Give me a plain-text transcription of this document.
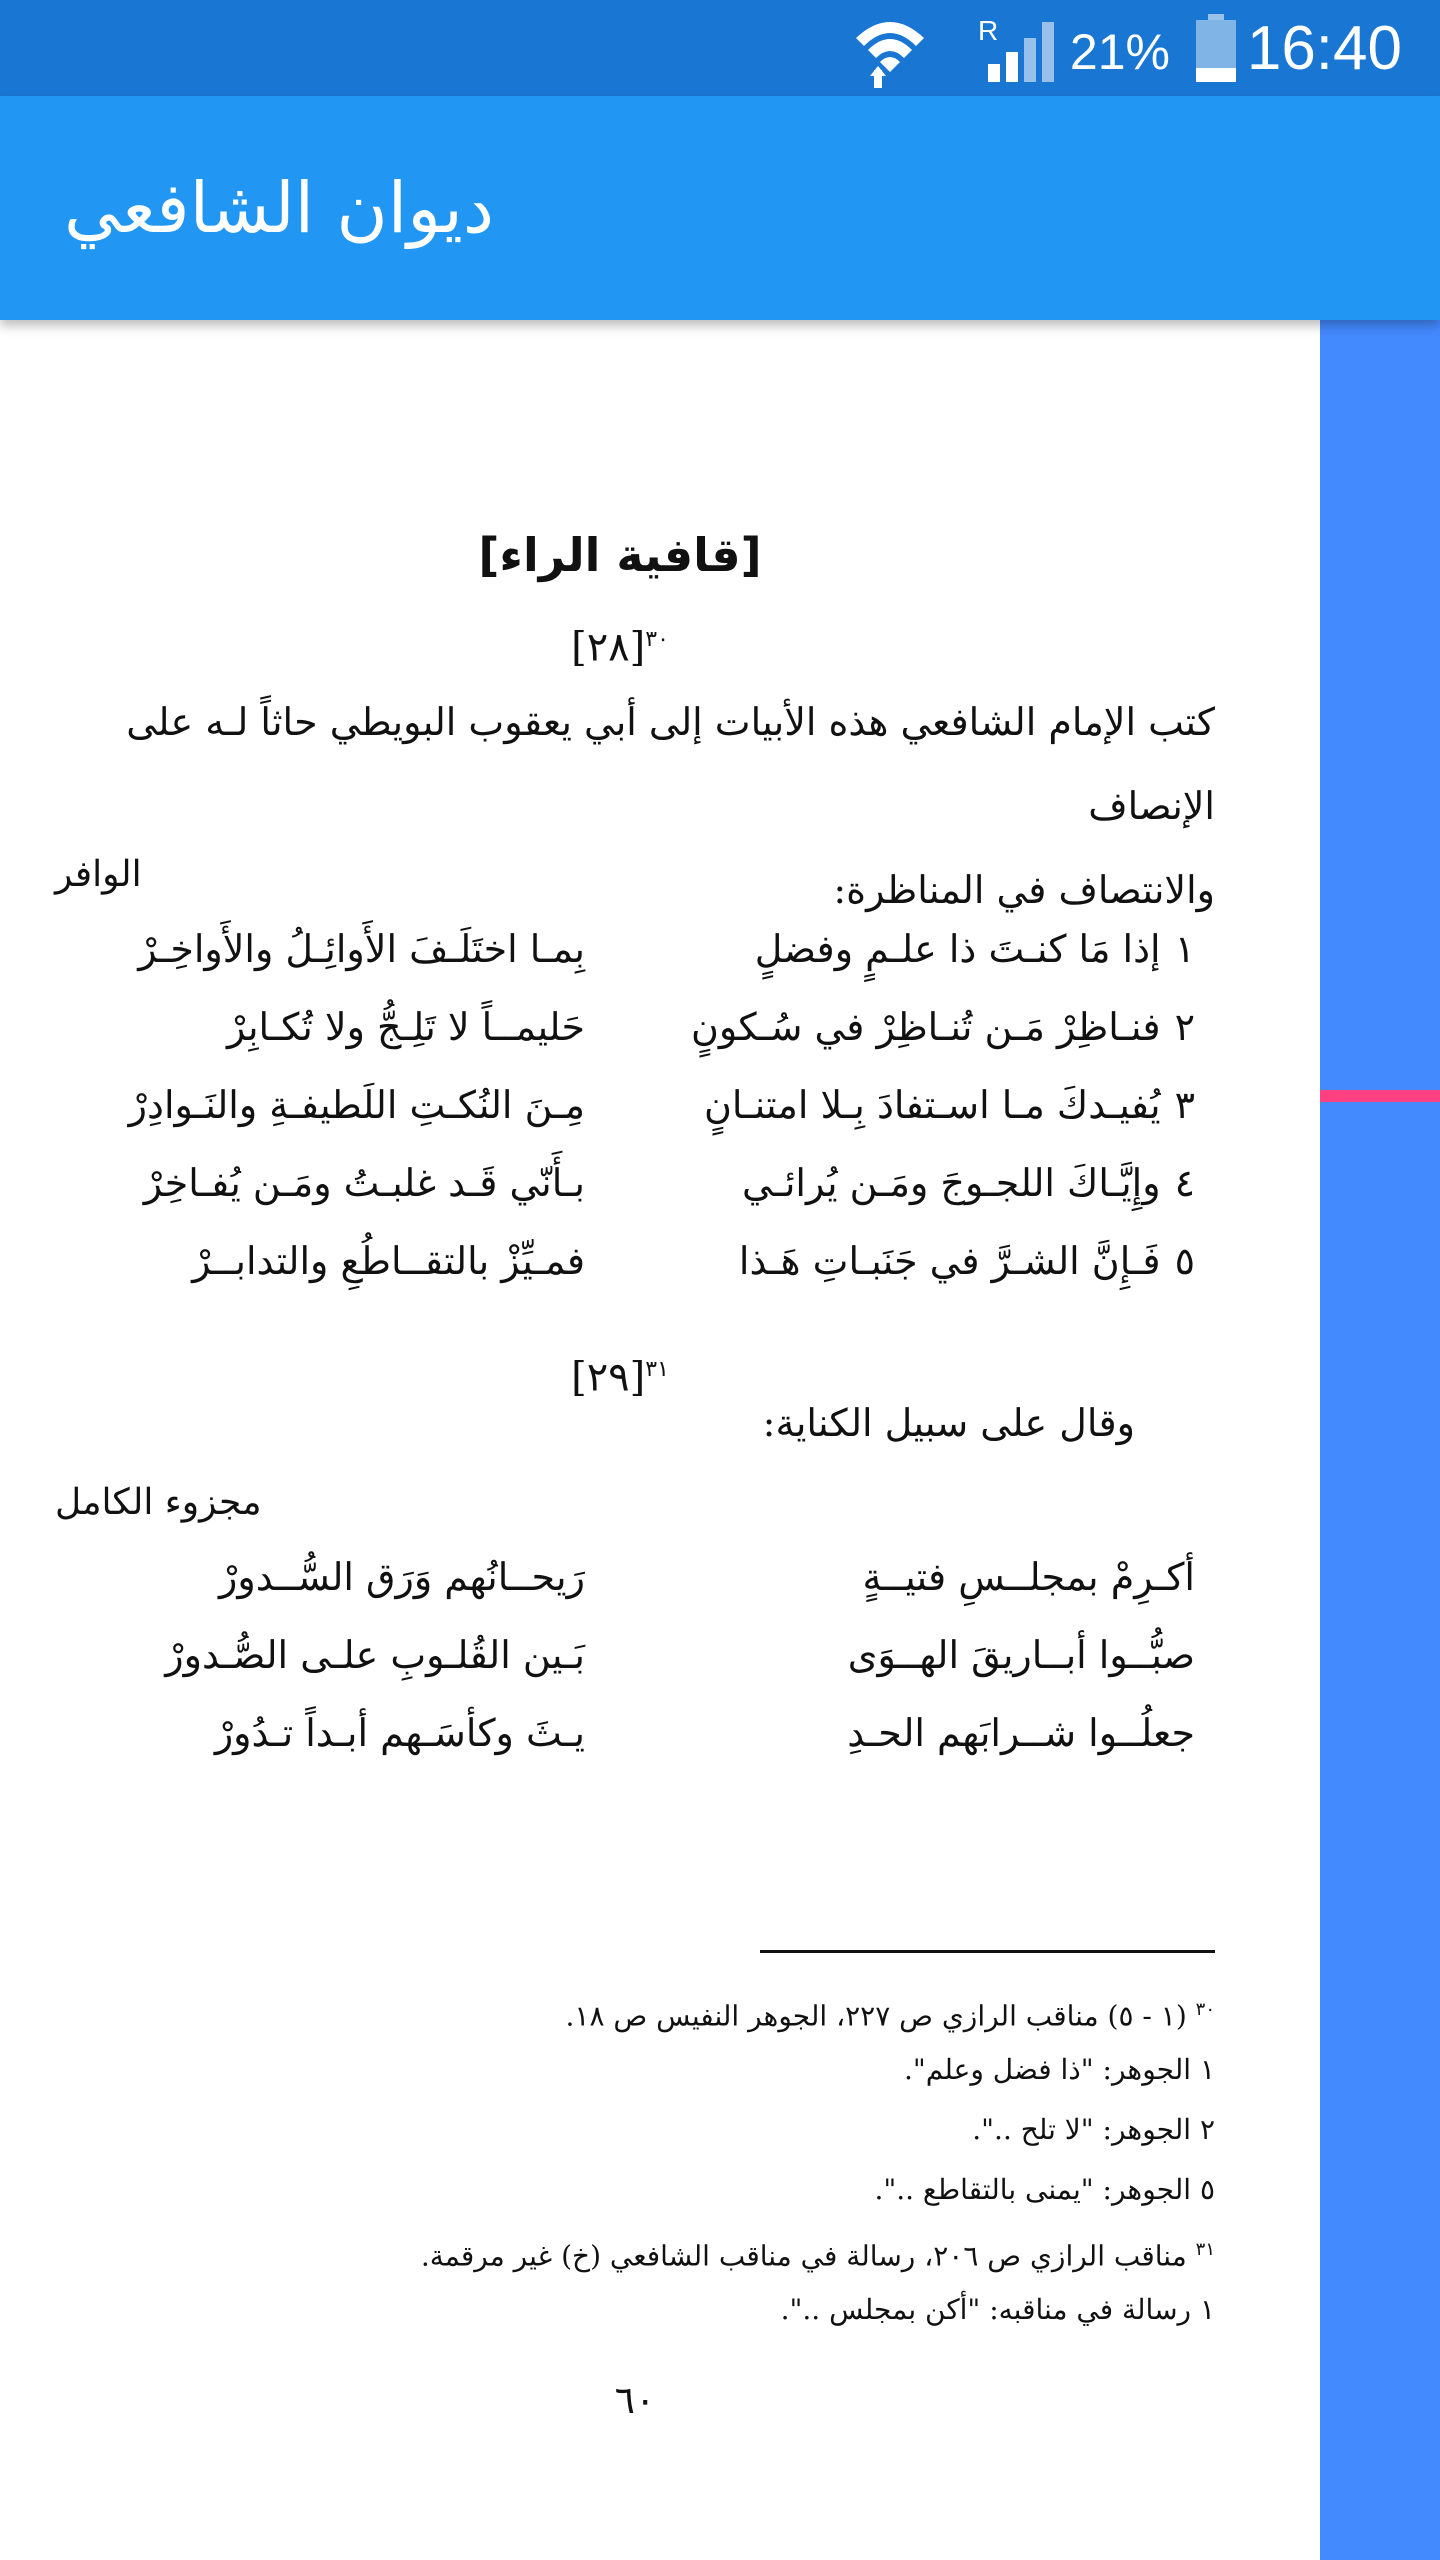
R 21% 16:40
ديوان الشافعي
[قافية الراء]
$^{٣٠}$[٢٨]

كتب الإمام الشافعي هذه الأبيات إلى أبي يعقوب البويطي حاثاً لـه على الإنصاف
والانتصاف في المناظرة:

الوافر
١إذا مَا كنـتَ ذا علـمٍ وفضلٍ
بِمـا اختَلَـفَ الأَوائِـلُ والأَواخِـرْ
٢فنـاظِرْ مَـن تُنـاظِرْ في سُـكونٍ
حَليمــاً لا تَلِـجُّ ولا تُكـابِرْ
٣يُفيـدكَ مـا اسـتفادَ بِـلا امتنـانٍ
مِـنَ النُكـتِ اللَطيفـةِ والنَـوادِرْ
٤وإِيَّـاكَ اللجـوجَ ومَـن يُرائـي
بـأَنّي قَـد غلبـتُ ومَـن يُفـاخِرْ
٥فَـإِنَّ الشـرَّ في جَنَبـاتِ هَـذا
فمـيِّزْ بالتقــاطُعِ والتدابــرْ
$^{٣١}$[٢٩]
وقال على سبيل الكناية:
مجزوء الكامل
أكـرِمْ بمجلــسِ فتيــةٍ
رَيحــانُهم وَرَق السُّــدورْ
صبُّــوا أبــاريقَ الهــوَى
بَـين القُلـوبِ علـى الصُّـدورْ
جعلُــوا شــرابَهم الحـدِ
يـثَ وكأسَـهم أبـداً تـدُورْ
$^{٣٠}$ (١ - ٥) مناقب الرازي ص ٢٢٧، الجوهر النفيس ص ١٨.
١ الجوهر: "ذا فضل وعلم".
٢ الجوهر: "لا تلح ..".
٥ الجوهر: "يمنى بالتقاطع ..".
$^{٣١}$ مناقب الرازي ص ٢٠٦، رسالة في مناقب الشافعي (خ) غير مرقمة.
١ رسالة في مناقبه: "أكن بمجلس ..".
٦٠
